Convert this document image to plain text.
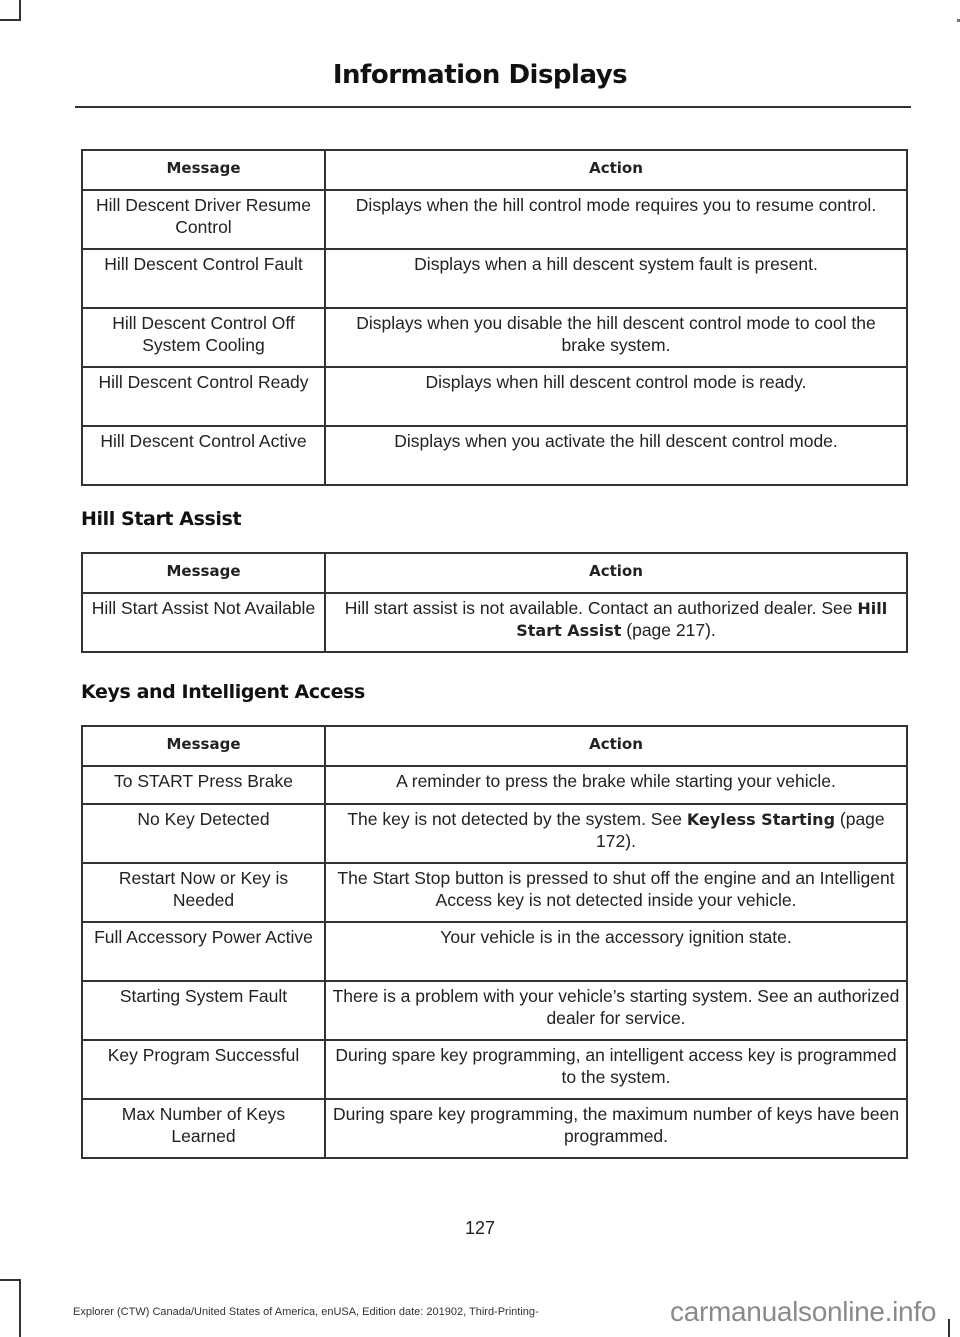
Information Displays
Message	Action
Hill Descent Driver Resume Control	Displays when the hill control mode requires you to resume control.
Hill Descent Control Fault	Displays when a hill descent system fault is present.
Hill Descent Control Off System Cooling	Displays when you disable the hill descent control mode to cool the brake system.
Hill Descent Control Ready	Displays when hill descent control mode is ready.
Hill Descent Control Active	Displays when you activate the hill descent control mode.
Hill Start Assist
Message	Action
Hill Start Assist Not Available	Hill start assist is not available. Contact an authorized dealer. See Hill Start Assist (page 217).
Keys and Intelligent Access
Message	Action
To START Press Brake	A reminder to press the brake while starting your vehicle.
No Key Detected	The key is not detected by the system. See Keyless Starting (page 172).
Restart Now or Key is Needed	The Start Stop button is pressed to shut off the engine and an Intelligent Access key is not detected inside your vehicle.
Full Accessory Power Active	Your vehicle is in the accessory ignition state.
Starting System Fault	There is a problem with your vehicle’s starting system. See an authorized dealer for service.
Key Program Successful	During spare key programming, an intelligent access key is programmed to the system.
Max Number of Keys Learned	During spare key programming, the maximum number of keys have been programmed.
127
Explorer (CTW) Canada/United States of America, enUSA, Edition date: 201902, Third-Printing-	carmanualsonline.info
